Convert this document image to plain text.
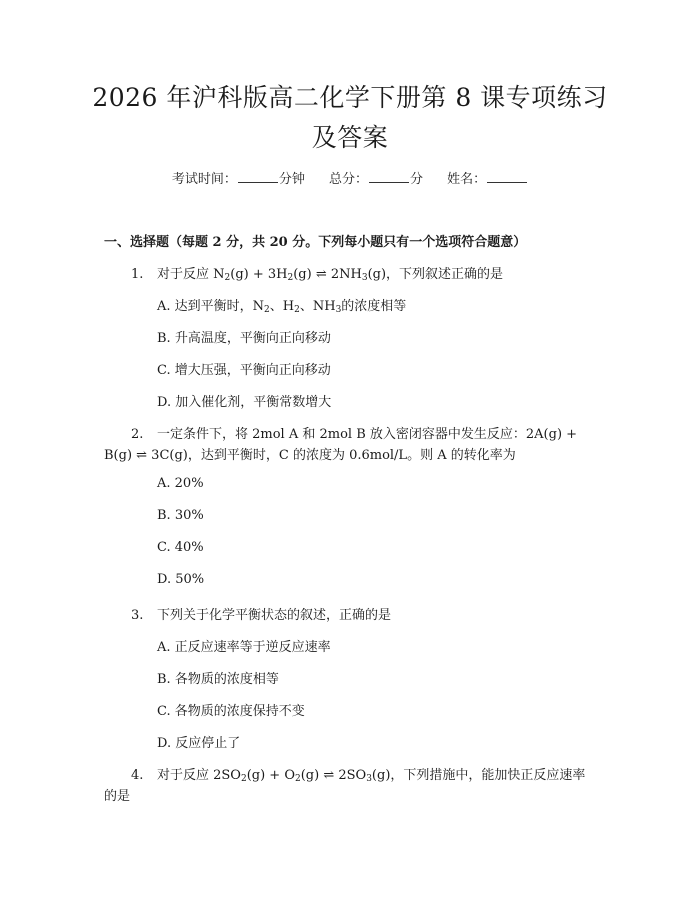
2026 年沪科版高二化学下册第 8 课专项练习
及答案
考试时间：	分钟 总分：	分 姓名：

一、选择题（每题 2 分，共 20 分。下列每小题只有一个选项符合题意）

1. 对于反应 $N_2(g) + 3H_2(g)$ ⇌ $2NH_3(g)$，下列叙述正确的是

A. 达到平衡时，$N_2$、$H_2$、$NH_3$的浓度相等

B. 升高温度，平衡向正向移动

C. 增大压强，平衡向正向移动

D. 加入催化剂，平衡常数增大

2. 一定条件下，将 2mol A 和 2mol B 放入密闭容器中发生反应：2A(g) +

B(g) ⇌ 3C(g)，达到平衡时，C 的浓度为 0.6mol/L。则 A 的转化率为

A. 20%

B. 30%

C. 40%

D. 50%

3. 下列关于化学平衡状态的叙述，正确的是

A. 正反应速率等于逆反应速率

B. 各物质的浓度相等

C. 各物质的浓度保持不变

D. 反应停止了

4. 对于反应 $2SO_2(g) + O_2(g)$ ⇌ $2SO_3(g)$，下列措施中，能加快正反应速率

的是
